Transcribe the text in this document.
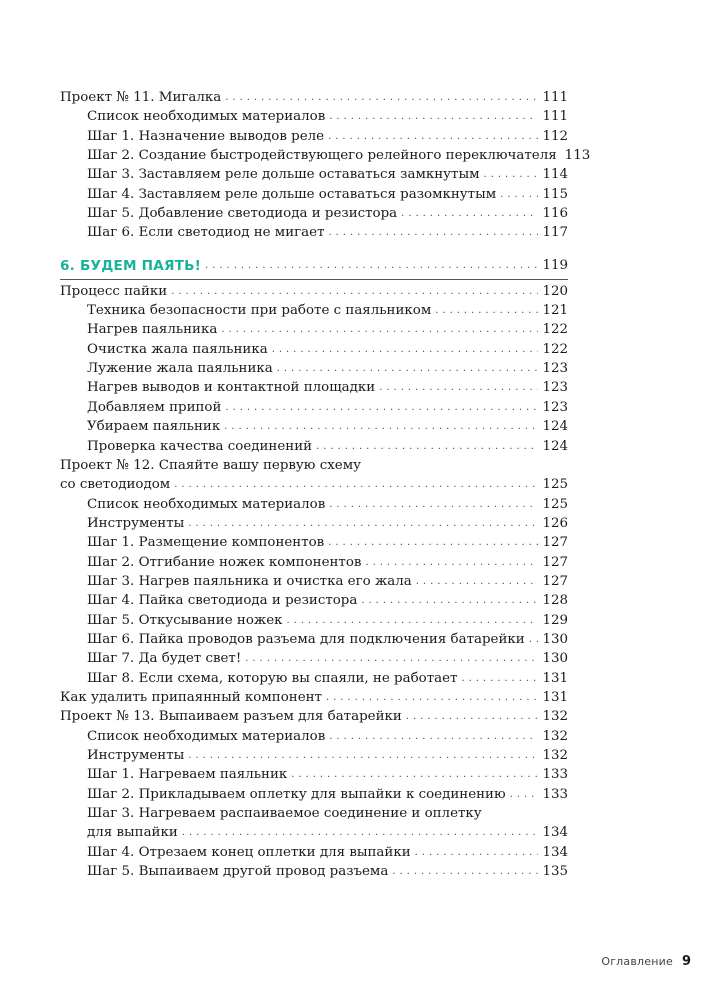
Проект № 11. Мигалка . . .	111
Список необходимых материалов . . .	111
Шаг 1. Назначение выводов реле . . .	112
Шаг 2. Создание быстродействующего релейного переключателя 113
Шаг 3. Заставляем реле дольше оставаться замкнутым . . .	114
Шаг 4. Заставляем реле дольше оставаться разомкнутым . . .	115
Шаг 5. Добавление светодиода и резистора . . .	116
Шаг 6. Если светодиод не мигает . . .	117
6. БУДЕМ ПАЯТЬ! . . .	119
Процесс пайки . . .	120
Техника безопасности при работе с паяльником . . .	121
Нагрев паяльника . . .	122
Очистка жала паяльника . . .	122
Лужение жала паяльника . . .	123
Нагрев выводов и контактной площадки . . .	123
Добавляем припой . . .	123
Убираем паяльник . . .	124
Проверка качества соединений . . .	124
Проект № 12. Спаяйте вашу первую схему
со светодиодом . . .	125
Список необходимых материалов . . .	125
Инструменты . . .	126
Шаг 1. Размещение компонентов . . .	127
Шаг 2. Отгибание ножек компонентов . . .	127
Шаг 3. Нагрев паяльника и очистка его жала . . .	127
Шаг 4. Пайка светодиода и резистора . . .	128
Шаг 5. Откусывание ножек . . .	129
Шаг 6. Пайка проводов разъема для подключения батарейки . . . 130
Шаг 7. Да будет свет! . . .	130
Шаг 8. Если схема, которую вы спаяли, не работает . . .	131
Как удалить припаянный компонент . . .	131
Проект № 13. Выпаиваем разъем для батарейки . . .	132
Список необходимых материалов . . .	132
Инструменты . . .	132
Шаг 1. Нагреваем паяльник . . .	133
Шаг 2. Прикладываем оплетку для выпайки к соединению . . .	133
Шаг 3. Нагреваем распаиваемое соединение и оплетку
для выпайки . . .	134
Шаг 4. Отрезаем конец оплетки для выпайки . . .	134
Шаг 5. Выпаиваем другой провод разъема . . .	135
Оглавление 9
